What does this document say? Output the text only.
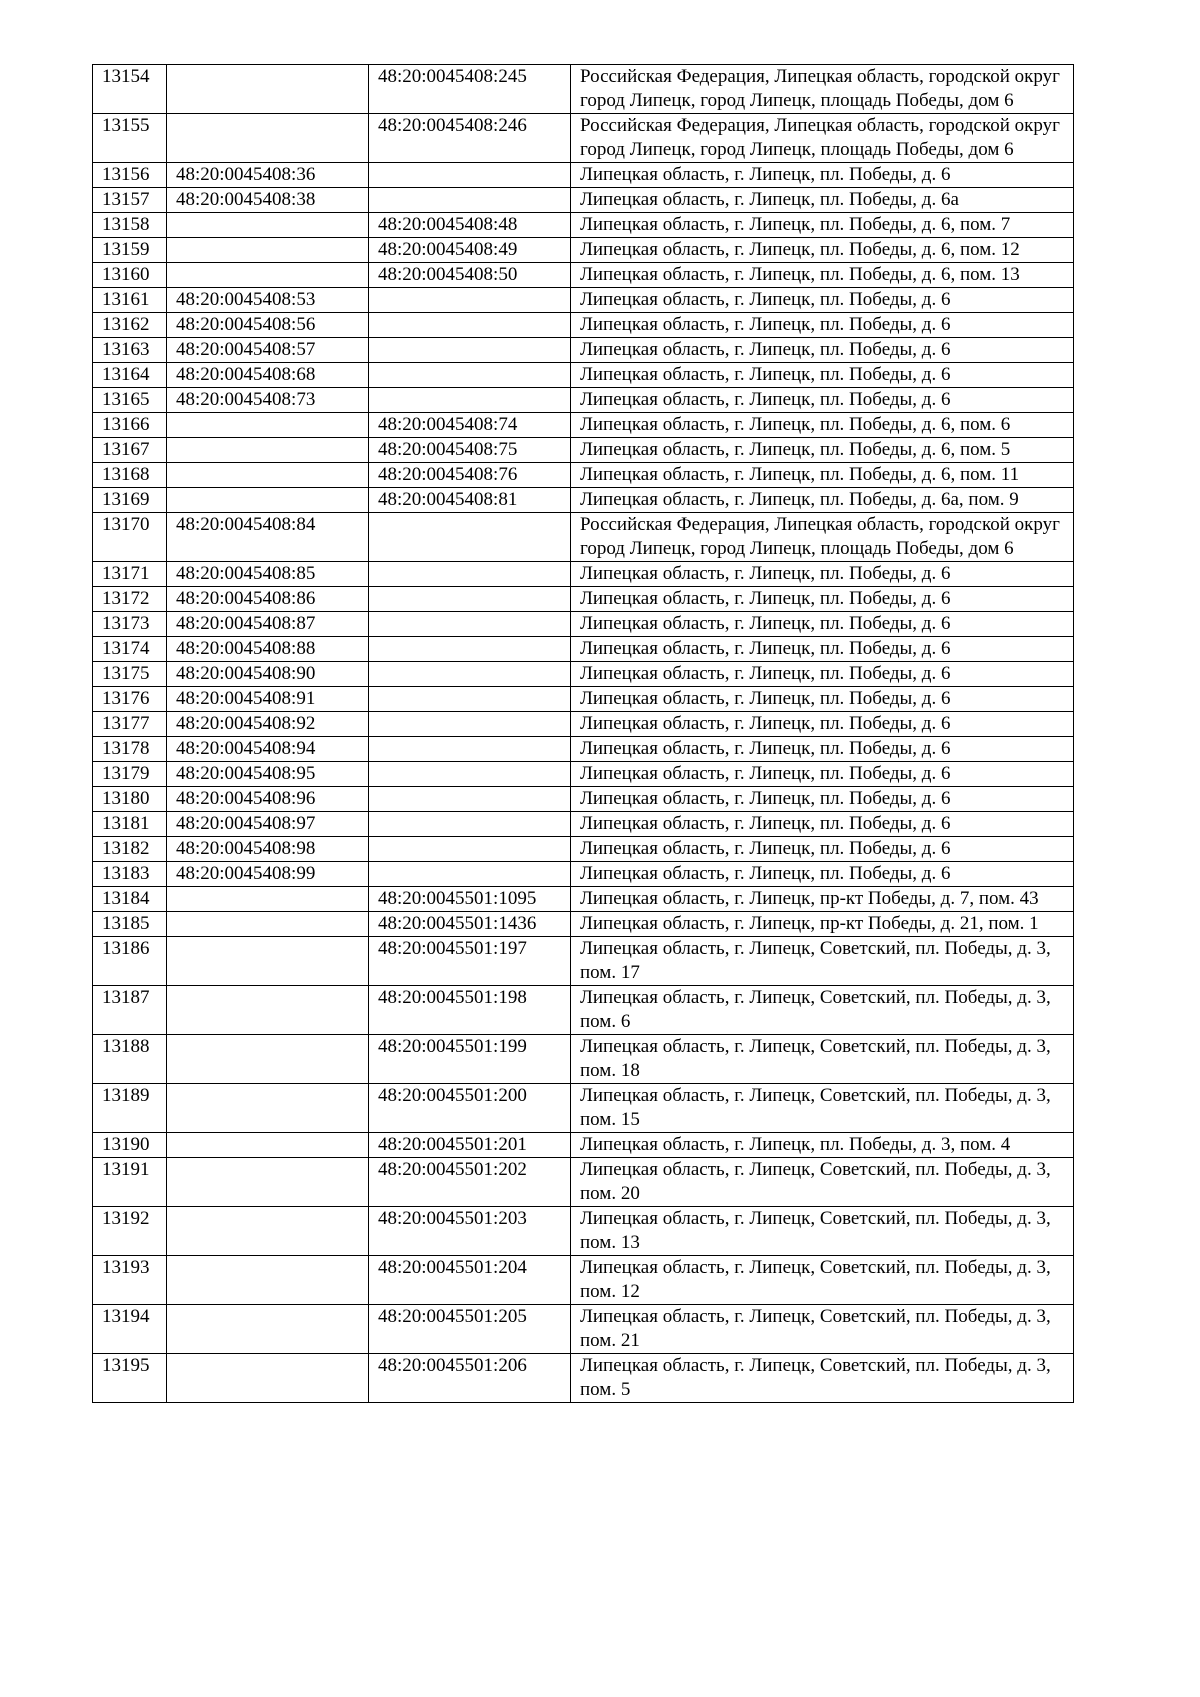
13154		48:20:0045408:245	Российская Федерация, Липецкая область, городской округ город Липецк, город Липецк, площадь Победы, дом 6
13155		48:20:0045408:246	Российская Федерация, Липецкая область, городской округ город Липецк, город Липецк, площадь Победы, дом 6
13156	48:20:0045408:36		Липецкая область, г. Липецк, пл. Победы, д. 6
13157	48:20:0045408:38		Липецкая область, г. Липецк, пл. Победы, д. 6а
13158		48:20:0045408:48	Липецкая область, г. Липецк, пл. Победы, д. 6, пом. 7
13159		48:20:0045408:49	Липецкая область, г. Липецк, пл. Победы, д. 6, пом. 12
13160		48:20:0045408:50	Липецкая область, г. Липецк, пл. Победы, д. 6, пом. 13
13161	48:20:0045408:53		Липецкая область, г. Липецк, пл. Победы, д. 6
13162	48:20:0045408:56		Липецкая область, г. Липецк, пл. Победы, д. 6
13163	48:20:0045408:57		Липецкая область, г. Липецк, пл. Победы, д. 6
13164	48:20:0045408:68		Липецкая область, г. Липецк, пл. Победы, д. 6
13165	48:20:0045408:73		Липецкая область, г. Липецк, пл. Победы, д. 6
13166		48:20:0045408:74	Липецкая область, г. Липецк, пл. Победы, д. 6, пом. 6
13167		48:20:0045408:75	Липецкая область, г. Липецк, пл. Победы, д. 6, пом. 5
13168		48:20:0045408:76	Липецкая область, г. Липецк, пл. Победы, д. 6, пом. 11
13169		48:20:0045408:81	Липецкая область, г. Липецк, пл. Победы, д. 6а, пом. 9
13170	48:20:0045408:84		Российская Федерация, Липецкая область, городской округ город Липецк, город Липецк, площадь Победы, дом 6
13171	48:20:0045408:85		Липецкая область, г. Липецк, пл. Победы, д. 6
13172	48:20:0045408:86		Липецкая область, г. Липецк, пл. Победы, д. 6
13173	48:20:0045408:87		Липецкая область, г. Липецк, пл. Победы, д. 6
13174	48:20:0045408:88		Липецкая область, г. Липецк, пл. Победы, д. 6
13175	48:20:0045408:90		Липецкая область, г. Липецк, пл. Победы, д. 6
13176	48:20:0045408:91		Липецкая область, г. Липецк, пл. Победы, д. 6
13177	48:20:0045408:92		Липецкая область, г. Липецк, пл. Победы, д. 6
13178	48:20:0045408:94		Липецкая область, г. Липецк, пл. Победы, д. 6
13179	48:20:0045408:95		Липецкая область, г. Липецк, пл. Победы, д. 6
13180	48:20:0045408:96		Липецкая область, г. Липецк, пл. Победы, д. 6
13181	48:20:0045408:97		Липецкая область, г. Липецк, пл. Победы, д. 6
13182	48:20:0045408:98		Липецкая область, г. Липецк, пл. Победы, д. 6
13183	48:20:0045408:99		Липецкая область, г. Липецк, пл. Победы, д. 6
13184		48:20:0045501:1095	Липецкая область, г. Липецк, пр-кт Победы, д. 7, пом. 43
13185		48:20:0045501:1436	Липецкая область, г. Липецк, пр-кт Победы, д. 21, пом. 1
13186		48:20:0045501:197	Липецкая область, г. Липецк, Советский, пл. Победы, д. 3, пом. 17
13187		48:20:0045501:198	Липецкая область, г. Липецк, Советский, пл. Победы, д. 3, пом. 6
13188		48:20:0045501:199	Липецкая область, г. Липецк, Советский, пл. Победы, д. 3, пом. 18
13189		48:20:0045501:200	Липецкая область, г. Липецк, Советский, пл. Победы, д. 3, пом. 15
13190		48:20:0045501:201	Липецкая область, г. Липецк, пл. Победы, д. 3, пом. 4
13191		48:20:0045501:202	Липецкая область, г. Липецк, Советский, пл. Победы, д. 3, пом. 20
13192		48:20:0045501:203	Липецкая область, г. Липецк, Советский, пл. Победы, д. 3, пом. 13
13193		48:20:0045501:204	Липецкая область, г. Липецк, Советский, пл. Победы, д. 3, пом. 12
13194		48:20:0045501:205	Липецкая область, г. Липецк, Советский, пл. Победы, д. 3, пом. 21
13195		48:20:0045501:206	Липецкая область, г. Липецк, Советский, пл. Победы, д. 3, пом. 5
